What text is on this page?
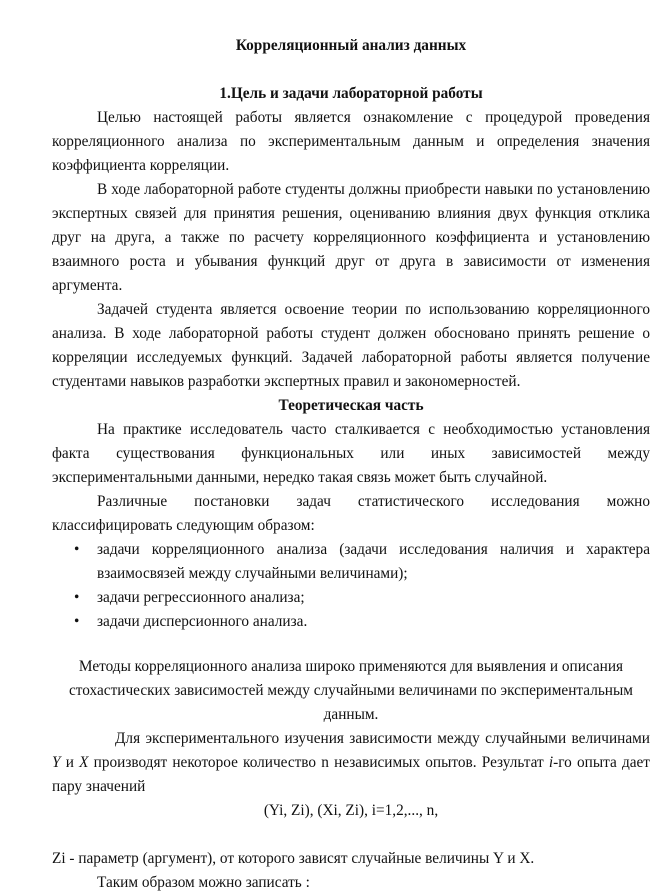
Корреляционный анализ данных
1.Цель и задачи лабораторной работы

Целью настоящей работы является ознакомление с процедурой проведения корреляционного анализа по экспериментальным данным и определения значения коэффициента корреляции.

В ходе лабораторной работе студенты должны приобрести навыки по установлению экспертных связей для принятия решения, оцениванию влияния двух функция отклика друг на друга, а также по расчету корреляционного коэффициента и установлению взаимного роста и убывания функций друг от друга в зависимости от изменения аргумента.

Задачей студента является освоение теории по использованию корреляционного анализа. В ходе лабораторной работы студент должен обосновано принять решение о корреляции исследуемых функций. Задачей лабораторной работы является получение студентами навыков разработки экспертных правил и закономерностей.

Теоретическая часть

На практике исследователь часто сталкивается с необходимостью установления факта существования функциональных или иных зависимостей между экспериментальными данными, нередко такая связь может быть случайной.

Различные постановки задач статистического исследования можно классифицировать следующим образом:

• задачи корреляционного анализа (задачи исследования наличия и характера взаимосвязей между случайными величинами);
• задачи регрессионного анализа;
• задачи дисперсионного анализа.
Методы корреляционного анализа широко применяются для выявления и описания стохастических зависимостей между случайными величинами по экспериментальным данным.

Для экспериментального изучения зависимости между случайными величинами Y и X производят некоторое количество n независимых опытов. Результат i-го опыта дает пару значений

(Yi, Zi), (Xi, Zi), i=1,2,..., n,

Zi - параметр (аргумент), от которого зависят случайные величины Y и X.

Таким образом можно записать :
